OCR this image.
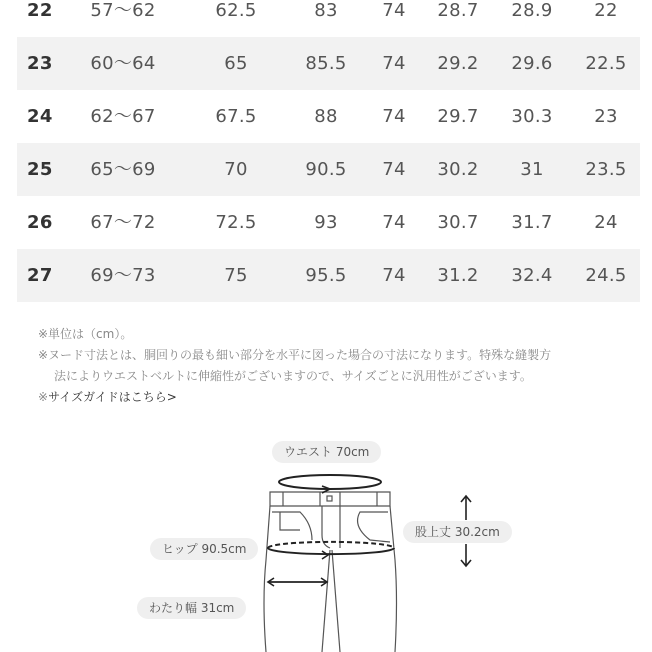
22 57〜62	62.5	83 74 28.7 28.9 22
23 60〜64	65	85.5 74 29.2 29.6 22.5
24 62〜67	67.5	88 74 29.7 30.3 23
25 65〜69	70	90.5 74 30.2 31 23.5
26 67〜72	72.5	93 74 30.7 31.7 24
27 69〜73	75	95.5 74 31.2 32.4 24.5
※単位は（cm）。
※ヌード寸法とは、胴回りの最も細い部分を水平に図った場合の寸法になります。特殊な縫製方
法によりウエストベルトに伸縮性がございますので、サイズごとに汎用性がございます。
※サイズガイドはこちら>
ウエスト 70cm
股上丈 30.2cm
ヒップ 90.5cm
わたり幅 31cm
